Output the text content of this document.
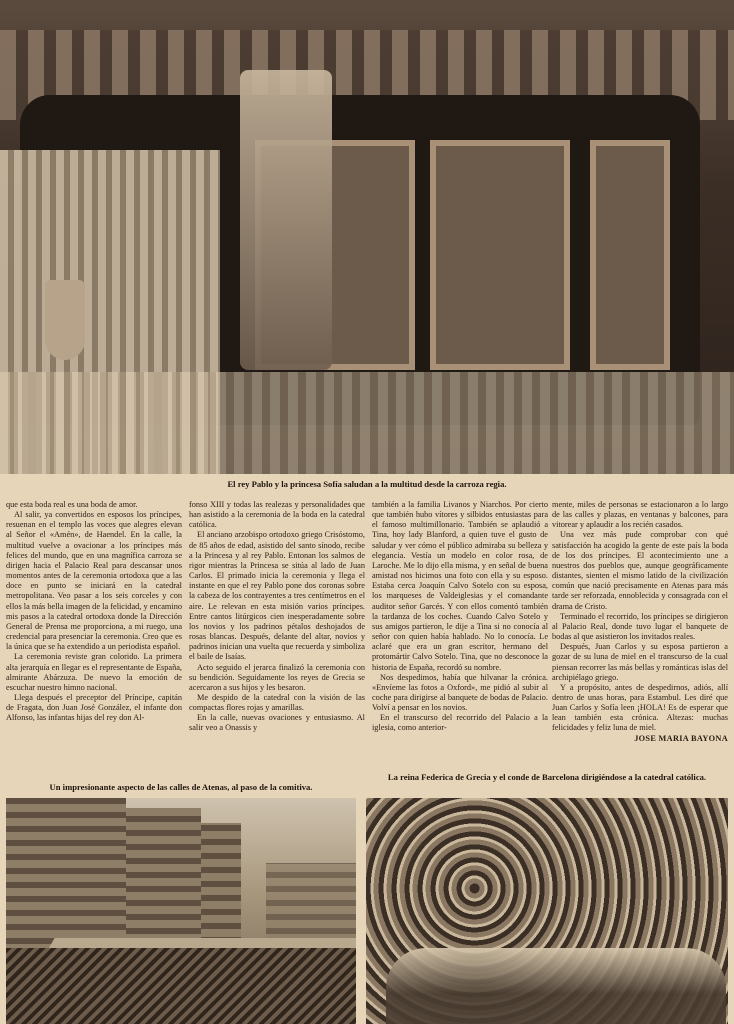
El rey Pablo y la princesa Sofía saludan a la multitud desde la carroza regia.

que esta boda real es una boda de amor.

Al salir, ya convertidos en esposos los príncipes, resuenan en el templo las voces que alegres elevan al Señor el «Amén», de Haendel. En la calle, la multitud vuelve a ovacionar a los príncipes más felices del mundo, que en una magnífica carroza se dirigen hacia el Palacio Real para descansar unos momentos antes de la ceremonia ortodoxa que a las doce en punto se iniciará en la catedral metropolitana. Veo pasar a los seis corceles y con ellos la más bella imagen de la felicidad, y encamino mis pasos a la catedral ortodoxa donde la Dirección General de Prensa me proporciona, a mi ruego, una credencial para presenciar la ceremonia. Creo que es la única que se ha extendido a un periodista español.

La ceremonia reviste gran colorido. La primera alta jerarquía en llegar es el representante de España, almirante Abárzuza. De nuevo la emoción de escuchar nuestro himno nacional.

Llega después el preceptor del Príncipe, capitán de Fragata, don Juan José González, el infante don Alfonso, las infantas hijas del rey don Al-

fonso XIII y todas las realezas y personalidades que han asistido a la ceremonia de la boda en la catedral católica.

El anciano arzobispo ortodoxo griego Crisóstomo, de 85 años de edad, asistido del santo sínodo, recibe a la Princesa y al rey Pablo. Entonan los salmos de rigor mientras la Princesa se sitúa al lado de Juan Carlos. El primado inicia la ceremonia y llega el instante en que el rey Pablo pone dos coronas sobre la cabeza de los contrayentes a tres centímetros en el aire. Le relevan en esta misión varios príncipes. Entre cantos litúrgicos cien inesperadamente sobre los novios y los padrinos pétalos deshojados de rosas blancas. Después, delante del altar, novios y padrinos inician una vuelta que recuerda y simboliza el baile de Isaías.

Acto seguido el jerarca finalizó la ceremonia con su bendición. Seguidamente los reyes de Grecia se acercaron a sus hijos y les besaron.

Me despido de la catedral con la visión de las compactas flores rojas y amarillas.

En la calle, nuevas ovaciones y entusiasmo. Al salir veo a Onassis y

también a la familia Livanos y Niarchos. Por cierto que también hubo vítores y silbidos entusiastas para el famoso multimillonario. También se aplaudió a Tina, hoy lady Blanford, a quien tuve el gusto de saludar y ver cómo el público admiraba su belleza y elegancia. Vestía un modelo en color rosa, de Laroche. Me lo dijo ella misma, y en señal de buena amistad nos hicimos una foto con ella y su esposo. Estaba cerca Joaquín Calvo Sotelo con su esposa, los marqueses de Valdeiglesias y el comandante auditor señor Garcés. Y con ellos comentó también la tardanza de los coches. Cuando Calvo Sotelo y sus amigos partieron, le dije a Tina si no conocía al señor con quien había hablado. No lo conocía. Le aclaré que era un gran escritor, hermano del protomártir Calvo Sotelo. Tina, que no desconoce la historia de España, recordó su nombre.

Nos despedimos, había que hilvanar la crónica. «Envíeme las fotos a Oxford», me pidió al subir al coche para dirigirse al banquete de bodas de Palacio. Volví a pensar en los novios.

En el transcurso del recorrido del Palacio a la iglesia, como anterior-

mente, miles de personas se estacionaron a lo largo de las calles y plazas, en ventanas y balcones, para vitorear y aplaudir a los recién casados.

Una vez más pude comprobar con qué satisfacción ha acogido la gente de este país la boda de los dos príncipes. El acontecimiento une a nuestros dos pueblos que, aunque geográficamente distantes, sienten el mismo latido de la civilización común que nació precisamente en Atenas para más tarde ser reforzada, ennoblecida y consagrada con el drama de Cristo.

Terminado el recorrido, los príncipes se dirigieron al Palacio Real, donde tuvo lugar el banquete de bodas al que asistieron los invitados reales.

Después, Juan Carlos y su esposa partieron a gozar de su luna de miel en el transcurso de la cual piensan recorrer las más bellas y románticas islas del archipiélago griego.

Y a propósito, antes de despedirnos, adiós, allí dentro de unas horas, para Estambul. Les diré que Juan Carlos y Sofía leen ¡HOLA! Es de esperar que lean también esta crónica. Altezas: muchas felicidades y feliz luna de miel.

JOSE MARIA BAYONA

Un impresionante aspecto de las calles de Atenas, al paso de la comitiva.

La reina Federica de Grecia y el conde de Barcelona dirigiéndose a la catedral católica.
